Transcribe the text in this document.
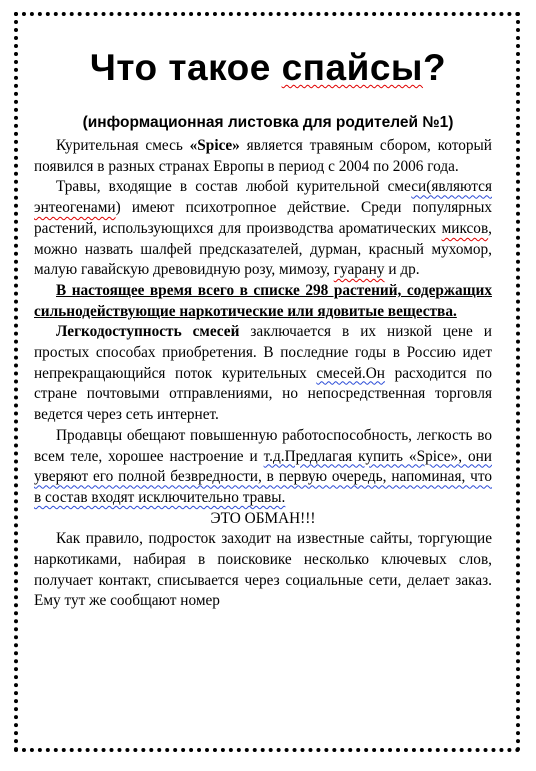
Что такое спайсы?
(информационная листовка для родителей №1)

Курительная смесь «Spice» является травяным сбором, который появился в разных странах Европы в период с 2004 по 2006 года.

Травы, входящие в состав любой курительной смеси(являются энтеогенами) имеют психотропное действие. Среди популярных растений, использующихся для производства ароматических миксов, можно назвать шалфей предсказателей, дурман, красный мухомор, малую гавайскую древовидную розу, мимозу, гуарану и др.

В настоящее время всего в списке 298 растений, содержащих сильнодействующие наркотические или ядовитые вещества.

Легкодоступность смесей заключается в их низкой цене и простых способах приобретения. В последние годы в Россию идет непрекращающийся поток курительных смесей.Он расходится по стране почтовыми отправлениями, но непосредственная торговля ведется через сеть интернет.

Продавцы обещают повышенную работоспособность, легкость во всем теле, хорошее настроение и т.д.Предлагая купить «Spice», они уверяют его полной безвредности, в первую очередь, напоминая, что в состав входят исключительно травы.

ЭТО ОБМАН!!!

Как правило, подросток заходит на известные сайты, торгующие наркотиками, набирая в поисковике несколько ключевых слов, получает контакт, списывается через социальные сети, делает заказ. Ему тут же сообщают номер
